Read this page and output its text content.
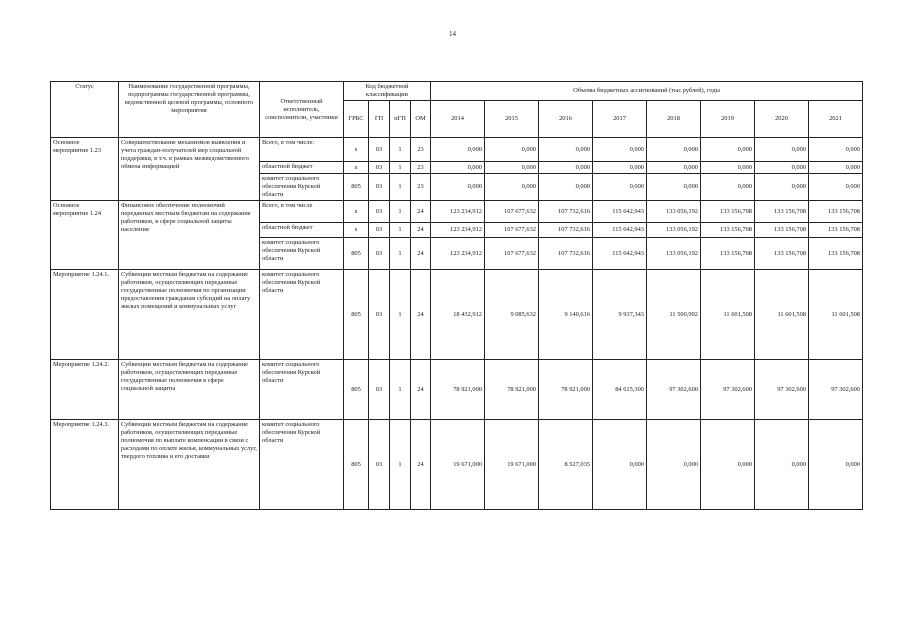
14
Статус	Наименование государственной программы, подпрограммы государственной программы, ведомственной целевой программы, основного мероприятия	Ответственный исполнитель, соисполнители, участники	Код бюджетной классификации				Объемы бюджетных ассигнований (тыс.рублей), годы							
			ГРБС	ГП	пГП	ОМ	2014	2015	2016	2017	2018	2019	2020	2021
Основное мероприятие 1.23	Совершенствование механизмов выявления и учета граждан-получателей мер социальной поддержки, в т.ч. в рамках межведомственного обмена информацией	Всего, в том числе:	х	03	1	23	0,000	0,000	0,000	0,000	0,000	0,000	0,000	0,000
		областной бюджет	х	03	1	23	0,000	0,000	0,000	0,000	0,000	0,000	0,000	0,000
		комитет социального обеспечения Курской области	805	03	1	23	0,000	0,000	0,000	0,000	0,000	0,000	0,000	0,000
Основное мероприятие 1.24	Финансовое обеспечение полномочий переданных местным бюджетам на содержание работников, в сфере социальной защиты населения	Всего, в том числе	х	03	1	24	123 234,912	107 677,632	107 732,616	115 642,943	133 056,192	133 156,708	133 156,708	133 156,708
		областной бюджет	х	03	1	24	123 234,912	107 677,632	107 732,616	115 642,943	133 056,192	133 156,708	133 156,708	133 156,708
		комитет социального обеспечения Курской области	805	03	1	24	123 234,912	107 677,632	107 732,616	115 642,943	133 056,192	133 156,708	133 156,708	133 156,708
Мероприятие 1.24.1.	Субвенции местным бюджетам на содержание работников, осуществляющих переданные государственные полномочия по организации предоставления гражданам субсидий на оплату жилых помещений и коммунальных услуг	комитет социального обеспечения Курской области	805	03	1	24	18 432,912	9 085,632	9 140,616	9 937,343	11 500,992	11 601,508	11 601,508	11 601,508
Мероприятие 1.24.2.	Субвенции местным бюджетам на содержание работников, осуществляющих переданные государственные полномочия в сфере социальной защиты	комитет социального обеспечения Курской области	805	03	1	24	78 921,000	78 921,000	78 921,000	84 615,300	97 302,600	97 302,600	97 302,600	97 302,600
Мероприятие 1.24.3.	Субвенции местным бюджетам на содержание работников, осуществляющих переданные полномочия по выплате компенсации в связи с расходами по оплате жилья, коммунальных услуг, твердого топлива и его доставки	комитет социального обеспечения Курской области	805	03	1	24	19 671,000	19 671,000	8 527,035	0,000	0,000	0,000	0,000	0,000
